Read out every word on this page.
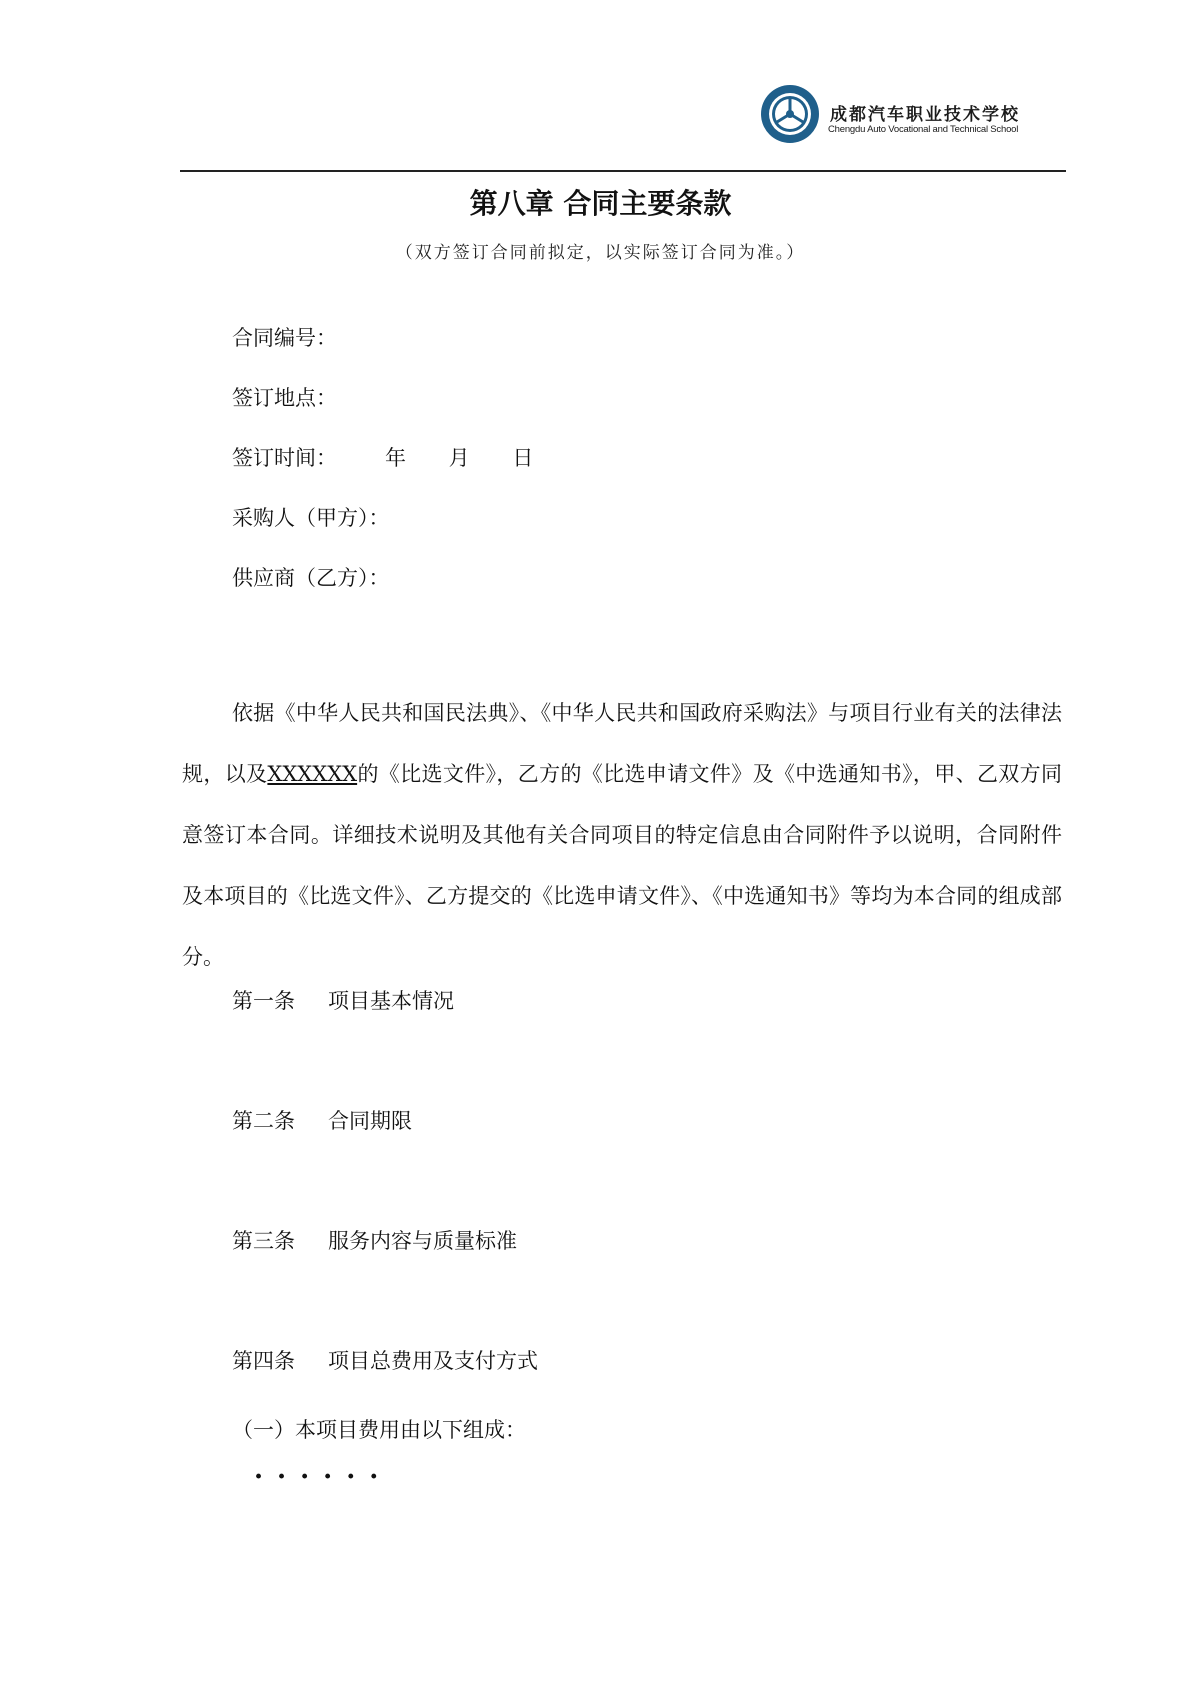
成都汽车职业技术学校
Chengdu Auto Vocational and Technical School
第八章 合同主要条款
（双方签订合同前拟定，以实际签订合同为准。）
合同编号：
签订地点：
签订时间： 年 月 日
采购人（甲方）：
供应商（乙方）：

依据《中华人民共和国民法典》、《中华人民共和国政府采购法》与项目行业有关的法律法规，以及XXXXXX的《比选文件》，乙方的《比选申请文件》及《中选通知书》，甲、乙双方同意签订本合同。详细技术说明及其他有关合同项目的特定信息由合同附件予以说明，合同附件及本项目的《比选文件》、乙方提交的《比选申请文件》、《中选通知书》等均为本合同的组成部分。

第一条 项目基本情况
第二条 合同期限
第三条 服务内容与质量标准
第四条 项目总费用及支付方式
（一）本项目费用由以下组成：
······
